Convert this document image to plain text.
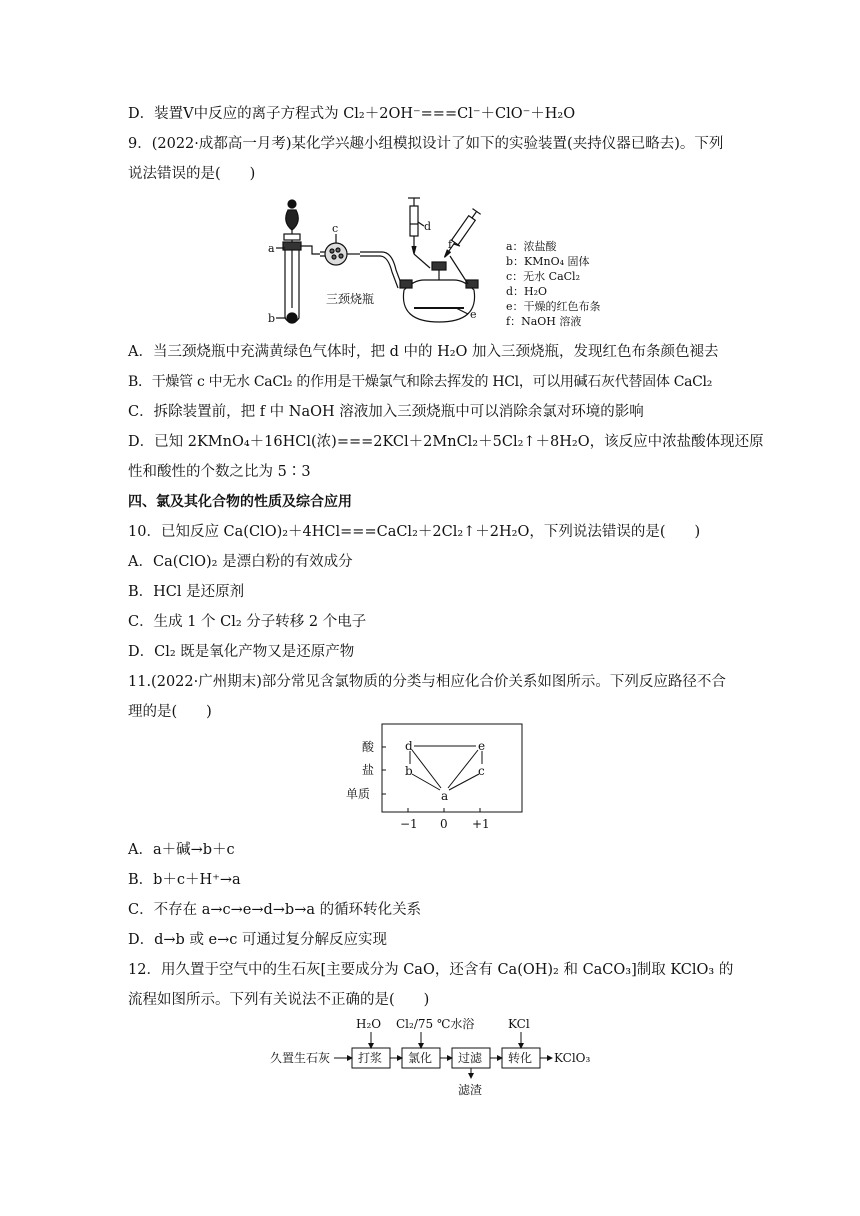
D．装置Ⅴ中反应的离子方程式为 Cl₂＋2OH⁻===Cl⁻＋ClO⁻＋H₂O
9．(2022·成都高一月考)某化学兴趣小组模拟设计了如下的实验装置(夹持仪器已略去)。下列
说法错误的是(　　)
a
b
c	d
e
f
三颈烧瓶
a：浓盐酸
b：KMnO₄ 固体
c：无水 CaCl₂
d：H₂O
e：干燥的红色布条
f：NaOH 溶液
A．当三颈烧瓶中充满黄绿色气体时，把 d 中的 H₂O 加入三颈烧瓶，发现红色布条颜色褪去
B．干燥管 c 中无水 CaCl₂ 的作用是干燥氯气和除去挥发的 HCl，可以用碱石灰代替固体 CaCl₂
C．拆除装置前，把 f 中 NaOH 溶液加入三颈烧瓶中可以消除余氯对环境的影响
D．已知 2KMnO₄＋16HCl(浓)===2KCl＋2MnCl₂＋5Cl₂↑＋8H₂O，该反应中浓盐酸体现还原
性和酸性的个数之比为 5∶3
四、氯及其化合物的性质及综合应用
10．已知反应 Ca(ClO)₂＋4HCl===CaCl₂＋2Cl₂↑＋2H₂O，下列说法错误的是(　　)
A．Ca(ClO)₂ 是漂白粉的有效成分
B．HCl 是还原剂
C．生成 1 个 Cl₂ 分子转移 2 个电子
D．Cl₂ 既是氧化产物又是还原产物
11.(2022·广州期末)部分常见含氯物质的分类与相应化合价关系如图所示。下列反应路径不合
理的是(　　)
酸
盐
单质
−1 0 +1
d
b
e
c
a
A．a＋碱→b＋c
B．b＋c＋H⁺→a
C．不存在 a→c→e→d→b→a 的循环转化关系
D．d→b 或 e→c 可通过复分解反应实现
12．用久置于空气中的生石灰[主要成分为 CaO，还含有 Ca(OH)₂ 和 CaCO₃]制取 KClO₃ 的
流程如图所示。下列有关说法不正确的是(　　)
久置生石灰 打浆 氯化 过滤 转化
H₂O Cl₂/75 ℃水浴	KCl
滤渣
KClO₃
